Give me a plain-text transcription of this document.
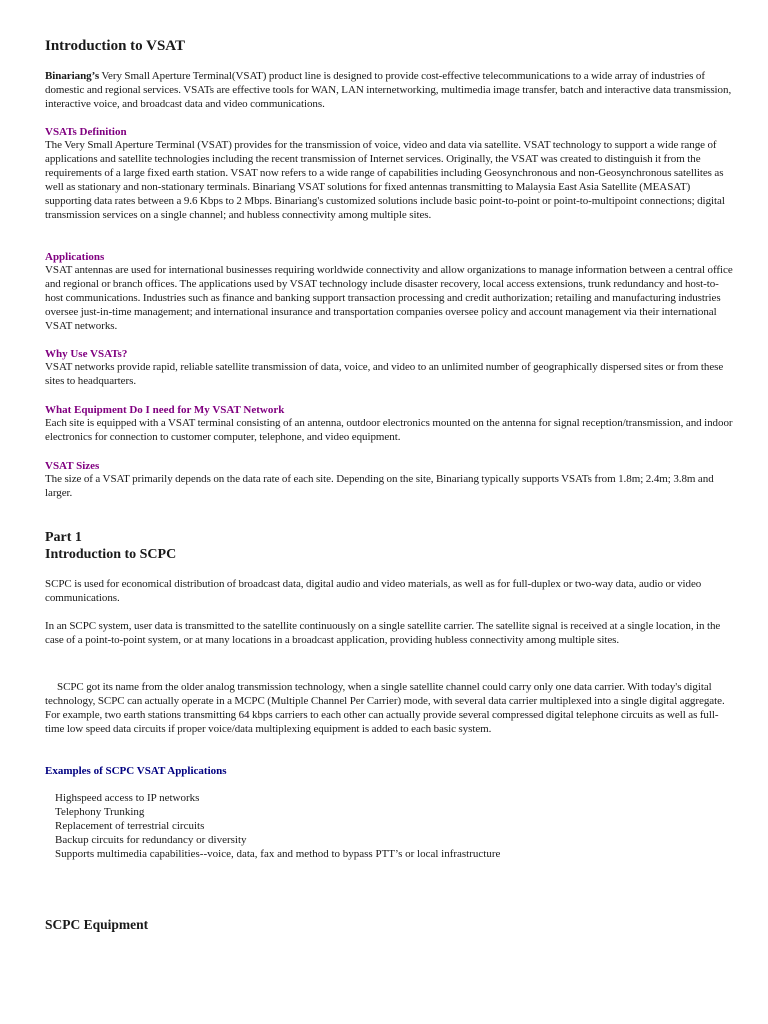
Introduction to VSAT

Binariang’s Very Small Aperture Terminal(VSAT) product line is designed to provide cost-effective telecommunications to a wide array of industries of domestic and regional services. VSATs are effective tools for WAN, LAN internetworking, multimedia image transfer, batch and interactive data transmission, interactive voice, and broadcast data and video communications.

VSATs Definition

The Very Small Aperture Terminal (VSAT) provides for the transmission of voice, video and data via satellite. VSAT technology to support a wide range of applications and satellite technologies including the recent transmission of Internet services. Originally, the VSAT was created to distinguish it from the requirements of a large fixed earth station. VSAT now refers to a wide range of capabilities including Geosynchronous and non-Geosynchronous satellites as well as stationary and non-stationary terminals. Binariang VSAT solutions for fixed antennas transmitting to Malaysia East Asia Satellite (MEASAT) supporting data rates between a 9.6 Kbps to 2 Mbps. Binariang's customized solutions include basic point-to-point or point-to-multipoint connections; digital transmission services on a single channel; and hubless connectivity among multiple sites.

Applications

VSAT antennas are used for international businesses requiring worldwide connectivity and allow organizations to manage information between a central office and regional or branch offices. The applications used by VSAT technology include disaster recovery, local access extensions, trunk redundancy and host-to-host communications. Industries such as finance and banking support transaction processing and credit authorization; retailing and manufacturing industries oversee just-in-time management; and international insurance and transportation companies oversee policy and account management via their international VSAT networks.

Why Use VSATs?

VSAT networks provide rapid, reliable satellite transmission of data, voice, and video to an unlimited number of geographically dispersed sites or from these sites to headquarters.

What Equipment Do I need for My VSAT Network

Each site is equipped with a VSAT terminal consisting of an antenna, outdoor electronics mounted on the antenna for signal reception/transmission, and indoor electronics for connection to customer computer, telephone, and video equipment.

VSAT Sizes

The size of a VSAT primarily depends on the data rate of each site. Depending on the site, Binariang typically supports VSATs from 1.8m; 2.4m; 3.8m and larger.

Part 1
Introduction to SCPC

SCPC is used for economical distribution of broadcast data, digital audio and video materials, as well as for full-duplex or two-way data, audio or video communications.

In an SCPC system, user data is transmitted to the satellite continuously on a single satellite carrier. The satellite signal is received at a single location, in the case of a point-to-point system, or at many locations in a broadcast application, providing hubless connectivity among multiple sites.

SCPC got its name from the older analog transmission technology, when a single satellite channel could carry only one data carrier. With today's digital technology, SCPC can actually operate in a MCPC (Multiple Channel Per Carrier) mode, with several data carrier multiplexed into a single digital aggregate. For example, two earth stations transmitting 64 kbps carriers to each other can actually provide several compressed digital telephone circuits as well as full-time low speed data circuits if proper voice/data multiplexing equipment is added to each basic system.

Examples of SCPC VSAT Applications
Highspeed access to IP networks
Telephony Trunking
Replacement of terrestrial circuits
Backup circuits for redundancy or diversity
Supports multimedia capabilities--voice, data, fax and method to bypass PTT’s or local infrastructure
SCPC Equipment
